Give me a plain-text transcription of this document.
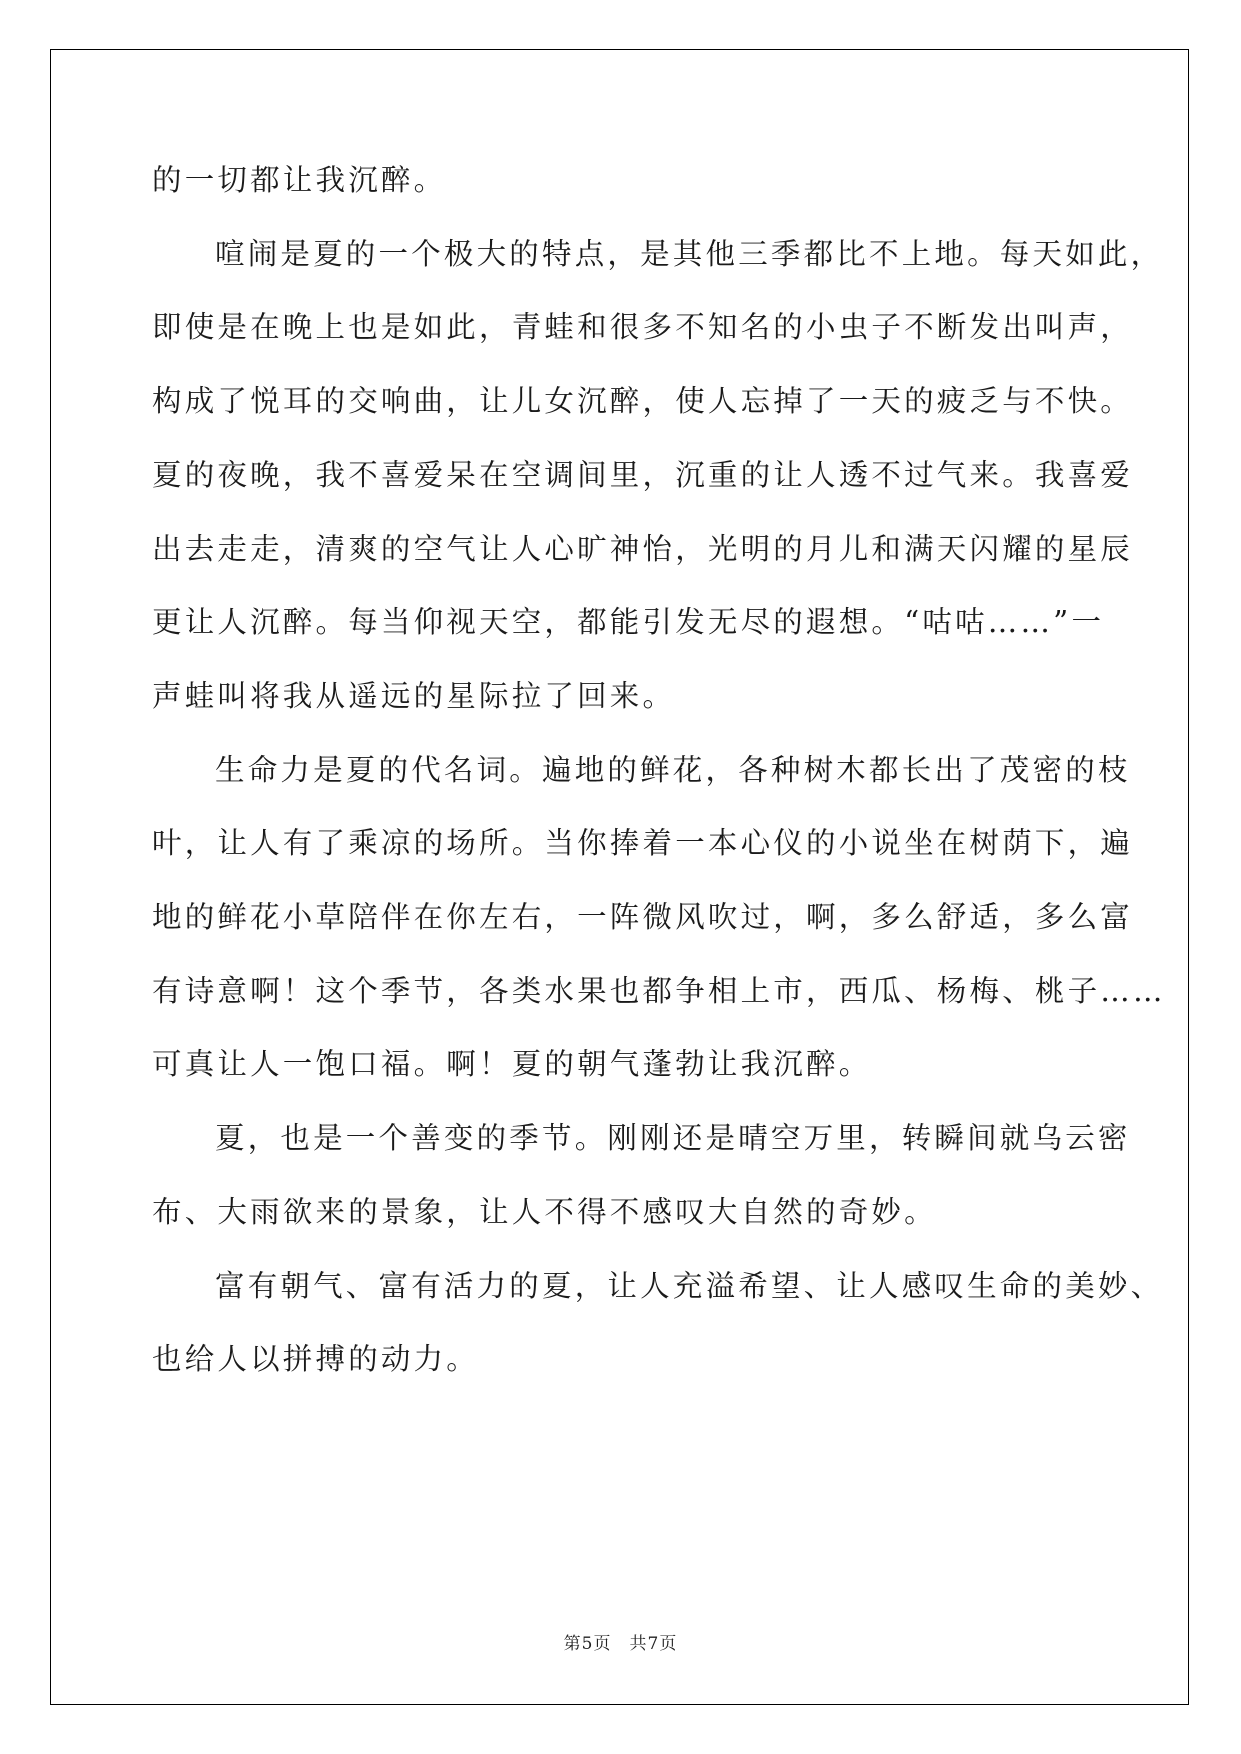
的一切都让我沉醉。
喧闹是夏的一个极大的特点，是其他三季都比不上地。每天如此，
即使是在晚上也是如此，青蛙和很多不知名的小虫子不断发出叫声，
构成了悦耳的交响曲，让儿女沉醉，使人忘掉了一天的疲乏与不快。
夏的夜晚，我不喜爱呆在空调间里，沉重的让人透不过气来。我喜爱
出去走走，清爽的空气让人心旷神怡，光明的月儿和满天闪耀的星辰
更让人沉醉。每当仰视天空，都能引发无尽的遐想。“咕咕……”一
声蛙叫将我从遥远的星际拉了回来。
生命力是夏的代名词。遍地的鲜花，各种树木都长出了茂密的枝
叶，让人有了乘凉的场所。当你捧着一本心仪的小说坐在树荫下，遍
地的鲜花小草陪伴在你左右，一阵微风吹过，啊，多么舒适，多么富
有诗意啊！这个季节，各类水果也都争相上市，西瓜、杨梅、桃子……
可真让人一饱口福。啊！夏的朝气蓬勃让我沉醉。
夏，也是一个善变的季节。刚刚还是晴空万里，转瞬间就乌云密
布、大雨欲来的景象，让人不得不感叹大自然的奇妙。
富有朝气、富有活力的夏，让人充溢希望、让人感叹生命的美妙、
也给人以拼搏的动力。
第5页 共7页
